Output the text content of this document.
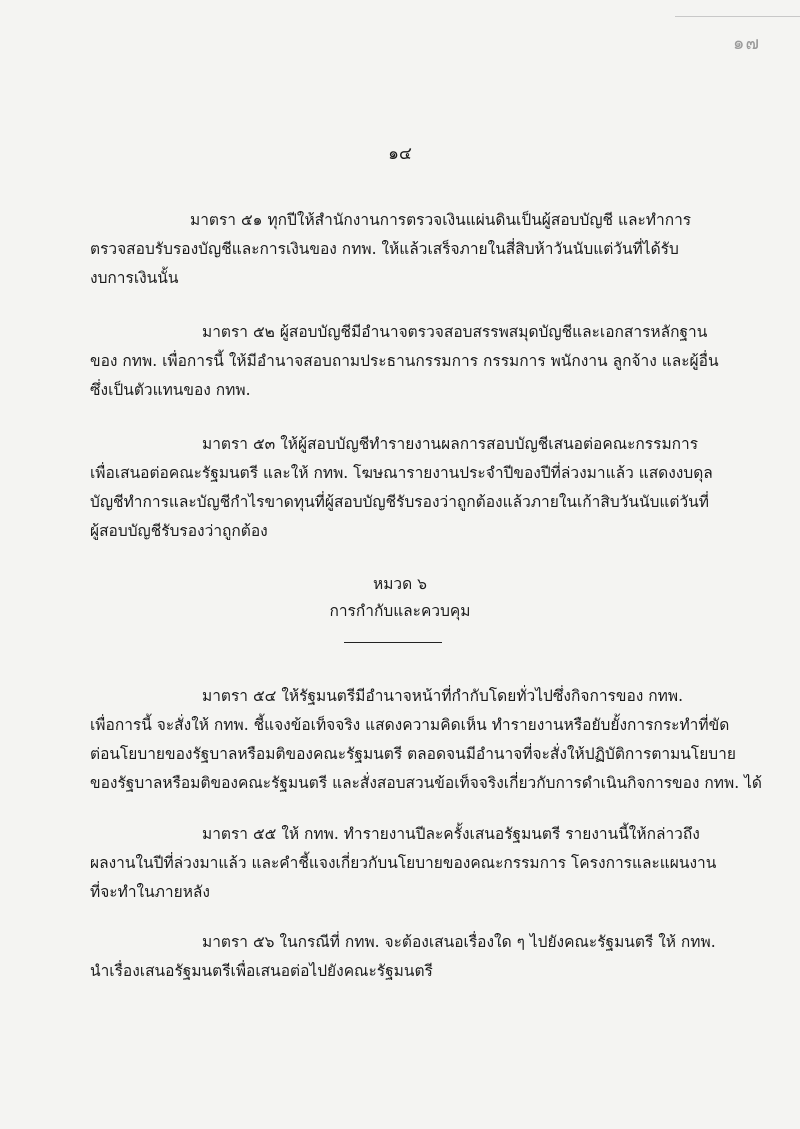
๑๗
๑๔
มาตรา ๕๑ ทุกปีให้สำนักงานการตรวจเงินแผ่นดินเป็นผู้สอบบัญชี และทำการ
ตรวจสอบรับรองบัญชีและการเงินของ กทพ. ให้แล้วเสร็จภายในสี่สิบห้าวันนับแต่วันที่ได้รับ
งบการเงินนั้น
มาตรา ๕๒ ผู้สอบบัญชีมีอำนาจตรวจสอบสรรพสมุดบัญชีและเอกสารหลักฐาน
ของ กทพ. เพื่อการนี้ ให้มีอำนาจสอบถามประธานกรรมการ กรรมการ พนักงาน ลูกจ้าง และผู้อื่น
ซึ่งเป็นตัวแทนของ กทพ.
มาตรา ๕๓ ให้ผู้สอบบัญชีทำรายงานผลการสอบบัญชีเสนอต่อคณะกรรมการ
เพื่อเสนอต่อคณะรัฐมนตรี และให้ กทพ. โฆษณารายงานประจำปีของปีที่ล่วงมาแล้ว แสดงงบดุล
บัญชีทำการและบัญชีกำไรขาดทุนที่ผู้สอบบัญชีรับรองว่าถูกต้องแล้วภายในเก้าสิบวันนับแต่วันที่
ผู้สอบบัญชีรับรองว่าถูกต้อง
หมวด ๖
การกำกับและควบคุม
มาตรา ๕๔ ให้รัฐมนตรีมีอำนาจหน้าที่กำกับโดยทั่วไปซึ่งกิจการของ กทพ.
เพื่อการนี้ จะสั่งให้ กทพ. ชี้แจงข้อเท็จจริง แสดงความคิดเห็น ทำรายงานหรือยับยั้งการกระทำที่ขัด
ต่อนโยบายของรัฐบาลหรือมติของคณะรัฐมนตรี ตลอดจนมีอำนาจที่จะสั่งให้ปฏิบัติการตามนโยบาย
ของรัฐบาลหรือมติของคณะรัฐมนตรี และสั่งสอบสวนข้อเท็จจริงเกี่ยวกับการดำเนินกิจการของ กทพ. ได้
มาตรา ๕๕ ให้ กทพ. ทำรายงานปีละครั้งเสนอรัฐมนตรี รายงานนี้ให้กล่าวถึง
ผลงานในปีที่ล่วงมาแล้ว และคำชี้แจงเกี่ยวกับนโยบายของคณะกรรมการ โครงการและแผนงาน
ที่จะทำในภายหลัง
มาตรา ๕๖ ในกรณีที่ กทพ. จะต้องเสนอเรื่องใด ๆ ไปยังคณะรัฐมนตรี ให้ กทพ.
นำเรื่องเสนอรัฐมนตรีเพื่อเสนอต่อไปยังคณะรัฐมนตรี
